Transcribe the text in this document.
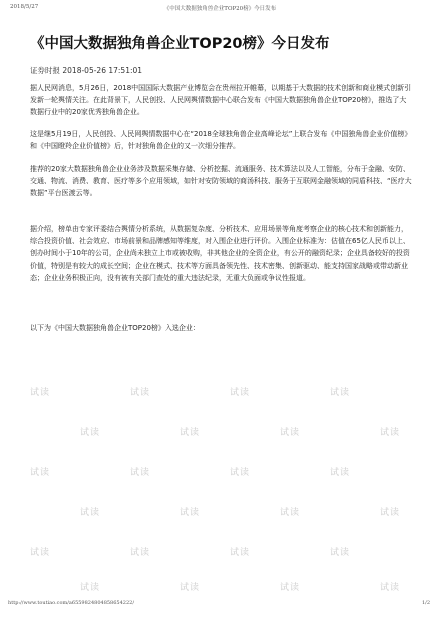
2018/5/27	《中国大数据独角兽企业TOP20榜》今日发布
《中国大数据独角兽企业TOP20榜》今日发布
证券时报 2018-05-26 17:51:01

据人民网消息，5月26日，2018中国国际大数据产业博览会在贵州拉开帷幕，以期基于大数据的技术创新和商业模式创新引发新一轮舆情关注。在此背景下，人民创投、人民网舆情数据中心联合发布《中国大数据独角兽企业TOP20榜》，推选了大数据行业中的20家优秀独角兽企业。

这是继5月19日，人民创投、人民网舆情数据中心在“2018全球独角兽企业高峰论坛”上联合发布《中国独角兽企业价值榜》和《中国瞪羚企业价值榜》后，针对独角兽企业的又一次细分推荐。

推荐的20家大数据独角兽企业业务涉及数据采集存储、分析挖掘、流通服务、技术算法以及人工智能，分布于金融、安防、交通、物流、消费、教育、医疗等多个应用领域，如针对安防领域的商汤科技、服务于互联网金融领域的同盾科技、“医疗大数据”平台医渡云等。

据介绍，榜单由专家评委结合舆情分析系统，从数据复杂度、分析技术、应用场景等角度考察企业的核心技术和创新能力，综合投资价值、社会效应、市场前景和品牌感知等维度，对入围企业进行评价。入围企业标准为：估值在65亿人民币以上、创办时间小于10年的公司，企业尚未独立上市或被收购，非其他企业的全资企业，有公开的融资纪录；企业具备较好的投资价值，特别是有较大的成长空间；企业在模式、技术等方面具备领先性、技术密集、创新驱动、能支持国家战略或带动新业态；企业业务积极正向，没有被有关部门查处的重大违法纪录，无重大负面或争议性报道。

以下为《中国大数据独角兽企业TOP20榜》入选企业：

试读	试读	试读	试读
试读	试读	试读	试读
试读	试读	试读	试读
试读	试读	试读	试读
试读	试读	试读	试读
试读	试读	试读	试读
http://www.toutiao.com/a6559824804858654222/	1/2
